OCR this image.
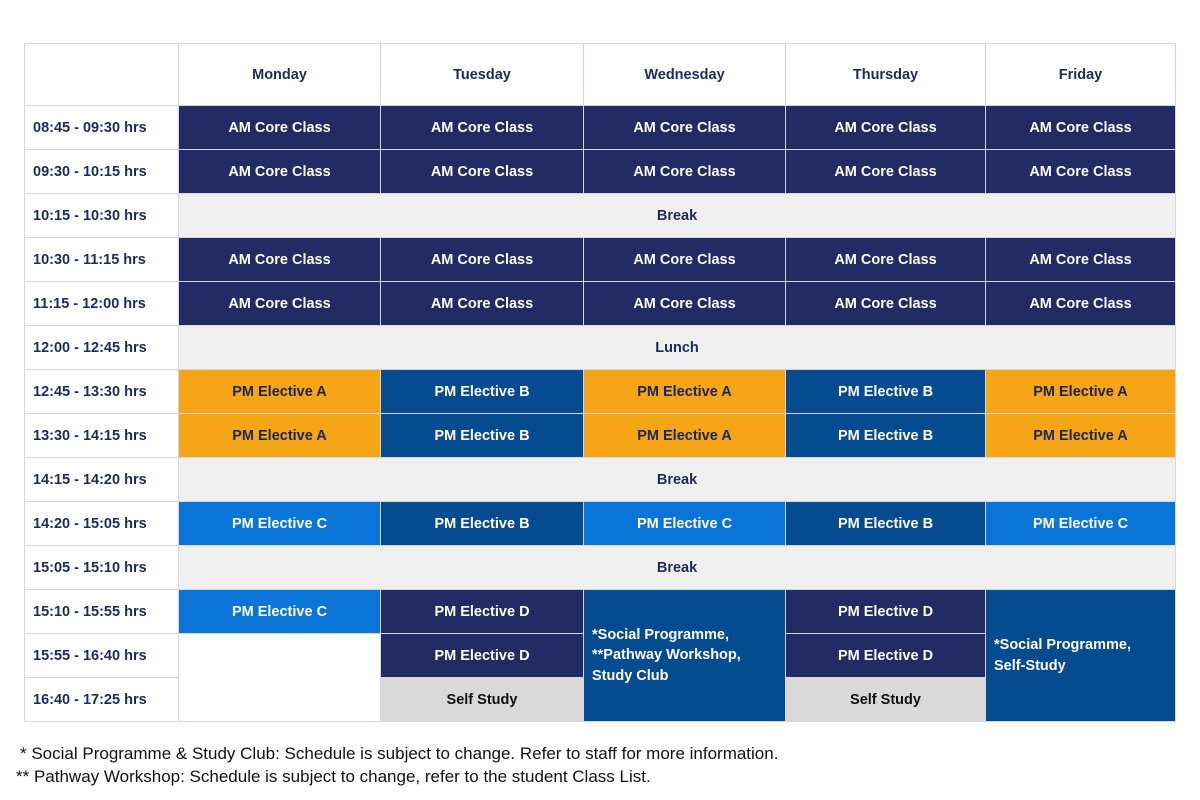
	Monday	Tuesday	Wednesday	Thursday	Friday
08:45 - 09:30 hrs	AM Core Class	AM Core Class	AM Core Class	AM Core Class	AM Core Class
09:30 - 10:15 hrs	AM Core Class	AM Core Class	AM Core Class	AM Core Class	AM Core Class
10:15 - 10:30 hrs	Break				
10:30 - 11:15 hrs	AM Core Class	AM Core Class	AM Core Class	AM Core Class	AM Core Class
11:15 - 12:00 hrs	AM Core Class	AM Core Class	AM Core Class	AM Core Class	AM Core Class
12:00 - 12:45 hrs	Lunch				
12:45 - 13:30 hrs	PM Elective A	PM Elective B	PM Elective A	PM Elective B	PM Elective A
13:30 - 14:15 hrs	PM Elective A	PM Elective B	PM Elective A	PM Elective B	PM Elective A
14:15 - 14:20 hrs	Break				
14:20 - 15:05 hrs	PM Elective C	PM Elective B	PM Elective C	PM Elective B	PM Elective C
15:05 - 15:10 hrs	Break				
15:10 - 15:55 hrs	PM Elective C	PM Elective D	*Social Programme, **Pathway Workshop, Study Club	PM Elective D	*Social Programme, Self-Study
15:55 - 16:40 hrs		PM Elective D		PM Elective D	
16:40 - 17:25 hrs		Self Study		Self Study	
* Social Programme & Study Club: Schedule is subject to change. Refer to staff for more information.
** Pathway Workshop: Schedule is subject to change, refer to the student Class List.
